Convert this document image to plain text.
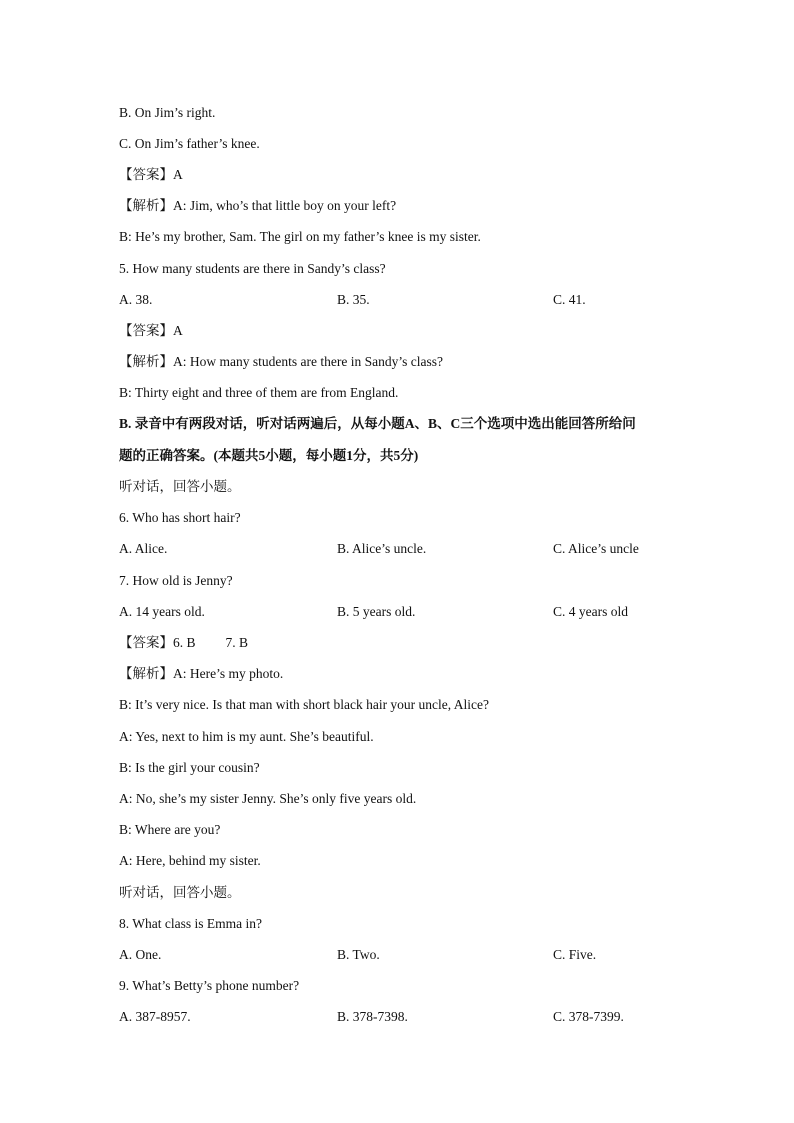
B. On Jim’s right.
C. On Jim’s father’s knee.
【答案】A
【解析】A: Jim, who’s that little boy on your left?
B: He’s my brother, Sam. The girl on my father’s knee is my sister.
5. How many students are there in Sandy’s class?
A. 38.	B. 35.	C. 41.
【答案】A
【解析】A: How many students are there in Sandy’s class?
B: Thirty eight and three of them are from England.
B. 录音中有两段对话，听对话两遍后，从每小题A、B、C三个选项中选出能回答所给问
题的正确答案。(本题共5小题，每小题1分，共5分)
听对话，回答小题。
6. Who has short hair?
A. Alice.	B. Alice’s uncle.	C. Alice’s uncle
7. How old is Jenny?
A. 14 years old.	B. 5 years old.	C. 4 years old
【答案】6. B 7. B
【解析】A: Here’s my photo.
B: It’s very nice. Is that man with short black hair your uncle, Alice?
A: Yes, next to him is my aunt. She’s beautiful.
B: Is the girl your cousin?
A: No, she’s my sister Jenny. She’s only five years old.
B: Where are you?
A: Here, behind my sister.
听对话，回答小题。
8. What class is Emma in?
A. One.	B. Two.	C. Five.
9. What’s Betty’s phone number?
A. 387-8957.	B. 378-7398.	C. 378-7399.
